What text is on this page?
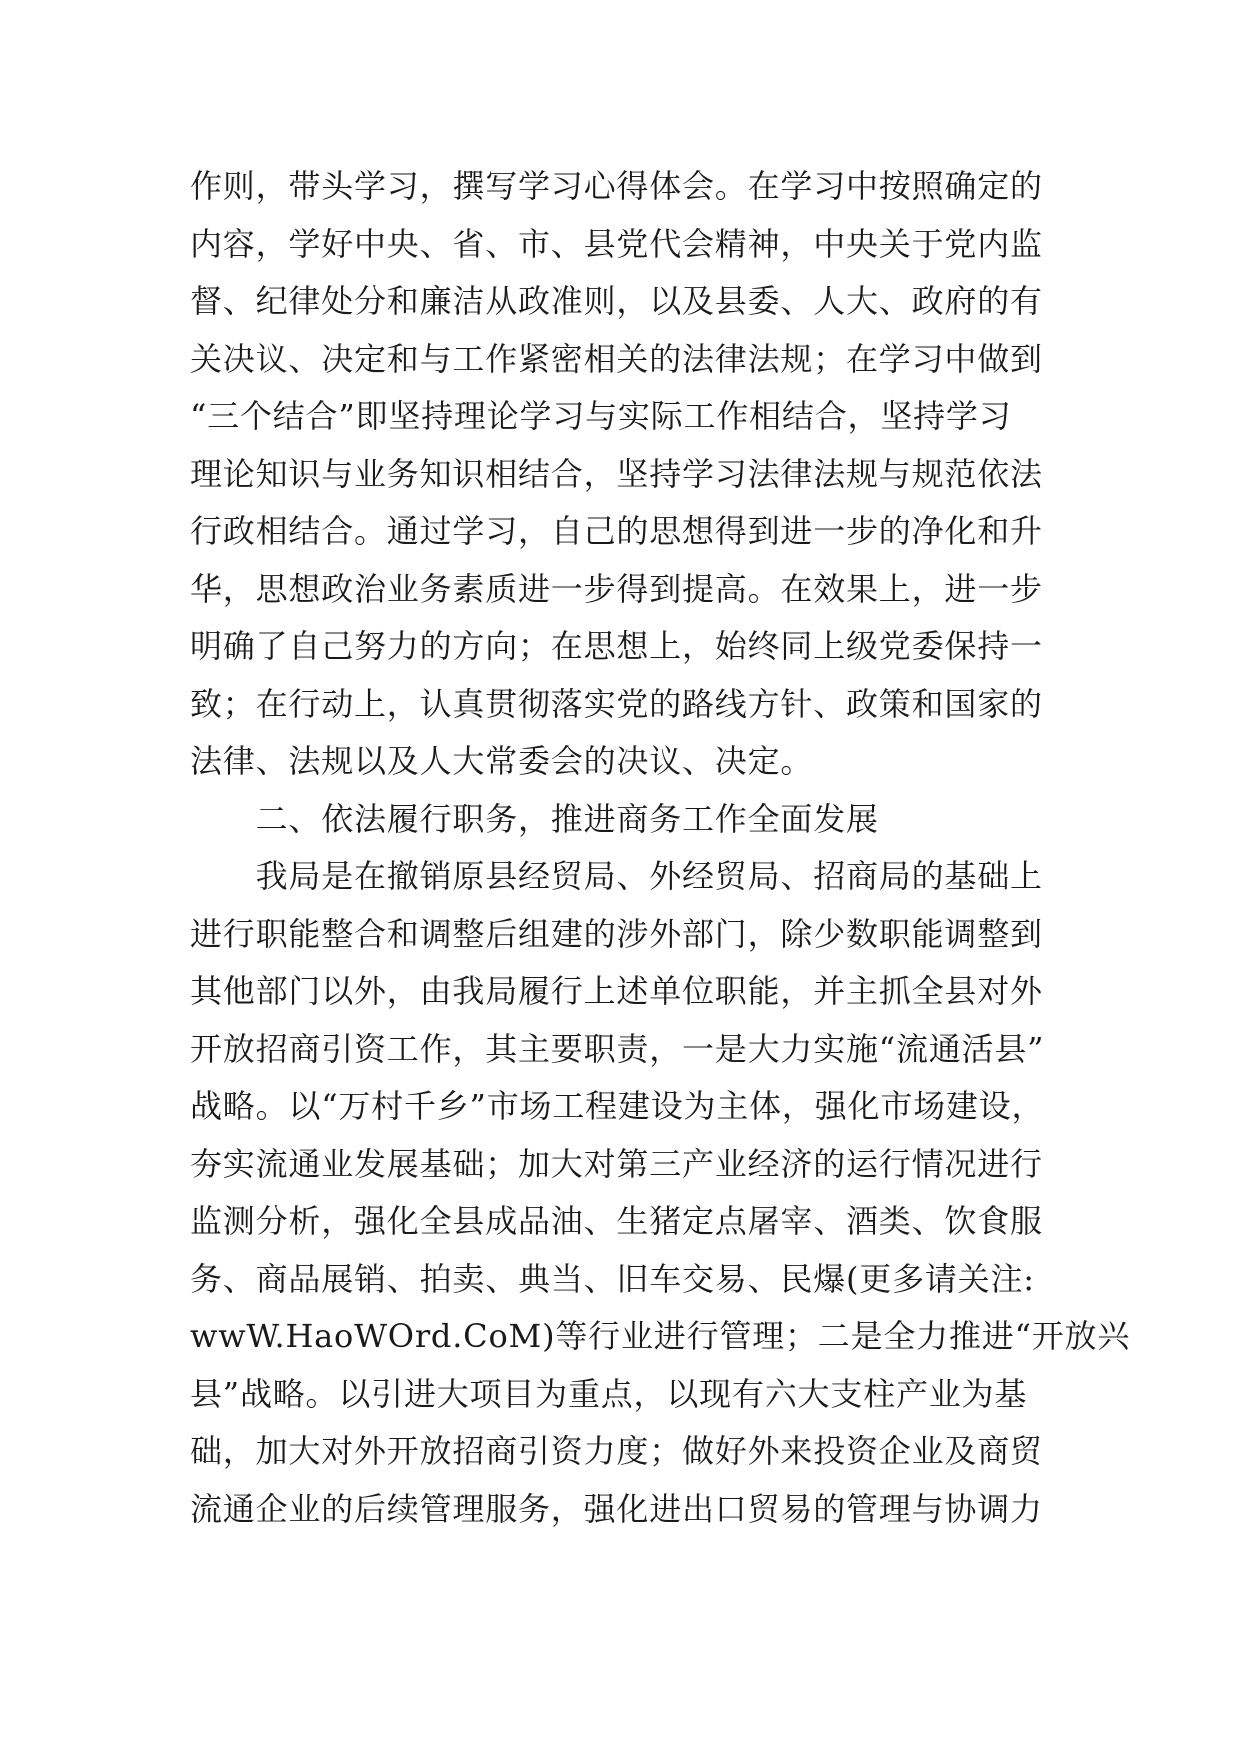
作则，带头学习，撰写学习心得体会。在学习中按照确定的
内容，学好中央、省、市、县党代会精神，中央关于党内监
督、纪律处分和廉洁从政准则，以及县委、人大、政府的有
关决议、决定和与工作紧密相关的法律法规；在学习中做到
“三个结合”即坚持理论学习与实际工作相结合，坚持学习
理论知识与业务知识相结合，坚持学习法律法规与规范依法
行政相结合。通过学习，自己的思想得到进一步的净化和升
华，思想政治业务素质进一步得到提高。在效果上，进一步
明确了自己努力的方向；在思想上，始终同上级党委保持一
致；在行动上，认真贯彻落实党的路线方针、政策和国家的
法律、法规以及人大常委会的决议、决定。
　　二、依法履行职务，推进商务工作全面发展
　　我局是在撤销原县经贸局、外经贸局、招商局的基础上
进行职能整合和调整后组建的涉外部门，除少数职能调整到
其他部门以外，由我局履行上述单位职能，并主抓全县对外
开放招商引资工作，其主要职责，一是大力实施“流通活县”
战略。以“万村千乡”市场工程建设为主体，强化市场建设，
夯实流通业发展基础；加大对第三产业经济的运行情况进行
监测分析，强化全县成品油、生猪定点屠宰、酒类、饮食服
务、商品展销、拍卖、典当、旧车交易、民爆(更多请关注:
wwW.HaoWOrd.CoM)等行业进行管理；二是全力推进“开放兴
县”战略。以引进大项目为重点，以现有六大支柱产业为基
础，加大对外开放招商引资力度；做好外来投资企业及商贸
流通企业的后续管理服务，强化进出口贸易的管理与协调力
